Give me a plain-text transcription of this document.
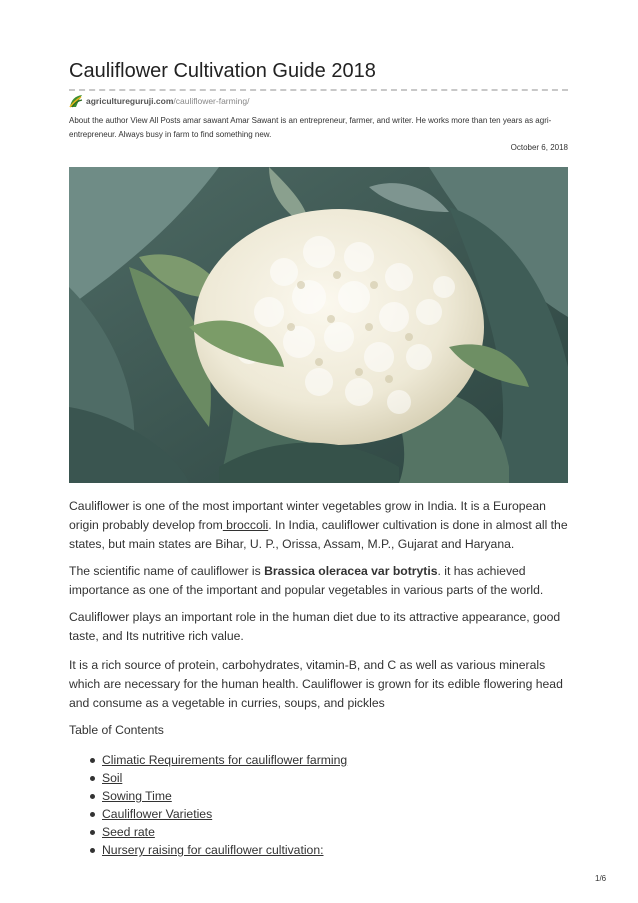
Cauliflower Cultivation Guide 2018
agricultureguruji.com /cauliflower-farming/

About the author View All Posts amar sawant Amar Sawant is an entrepreneur, farmer, and writer. He works more than ten years as agri-entrepreneur. Always busy in farm to find something new.

October 6, 2018

Cauliflower is one of the most important winter vegetables grow in India. It is a European origin probably develop from broccoli. In India, cauliflower cultivation is done in almost all the states, but main states are Bihar, U. P., Orissa, Assam, M.P., Gujarat and Haryana.

The scientific name of cauliflower is Brassica oleracea var botrytis. it has achieved importance as one of the important and popular vegetables in various parts of the world.

Cauliflower plays an important role in the human diet due to its attractive appearance, good taste, and Its nutritive rich value.

It is a rich source of protein, carbohydrates, vitamin-B, and C as well as various minerals which are necessary for the human health. Cauliflower is grown for its edible flowering head and consume as a vegetable in curries, soups, and pickles

Table of Contents

Climatic Requirements for cauliflower farming
Soil
Sowing Time
Cauliflower Varieties
Seed rate
Nursery raising for cauliflower cultivation:
1/6
